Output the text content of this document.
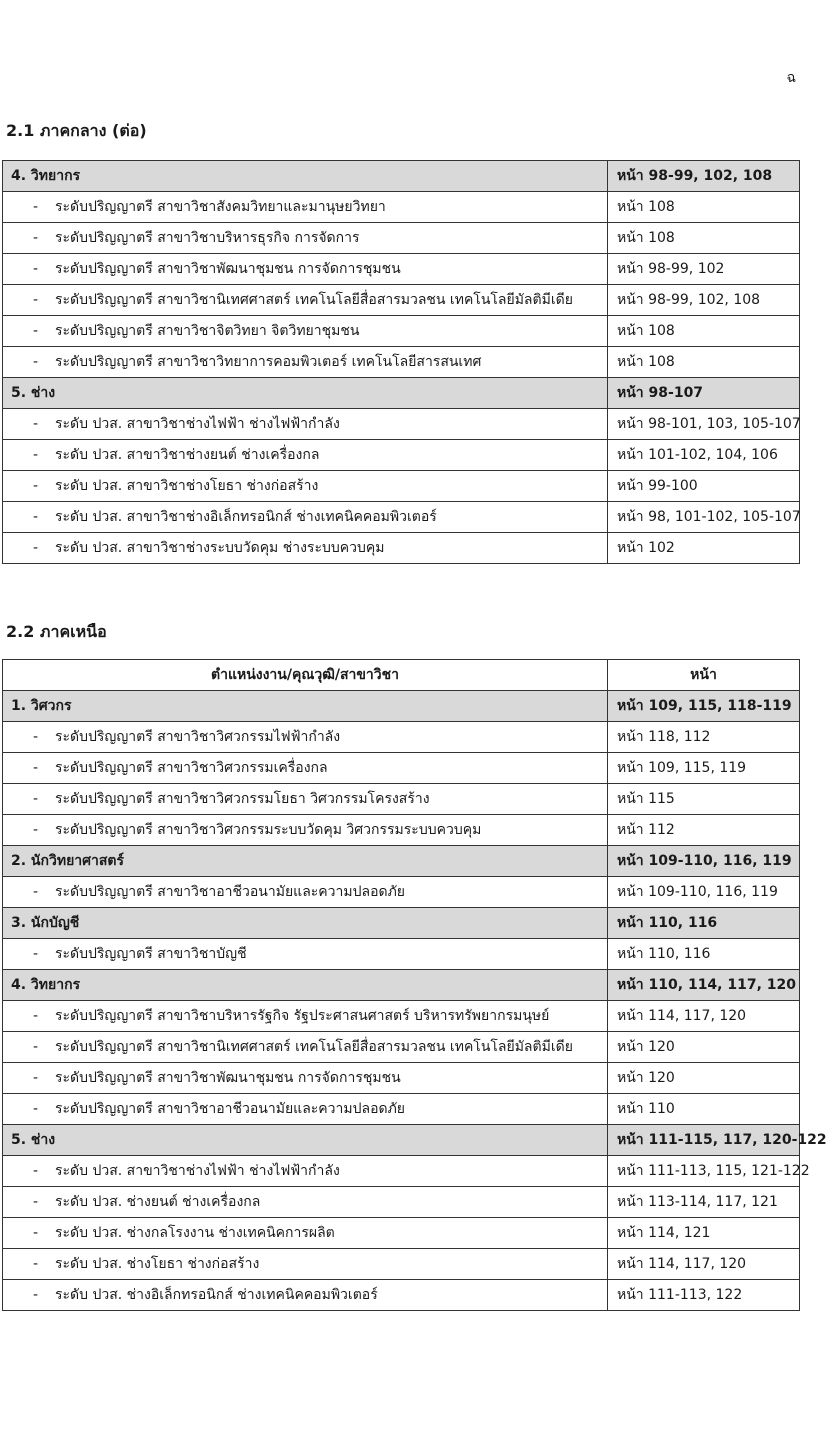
ฉ
2.1 ภาคกลาง (ต่อ)
4. วิทยากร	หน้า 98-99, 102, 108
- ระดับปริญญาตรี สาขาวิชาสังคมวิทยาและมานุษยวิทยา	หน้า 108
- ระดับปริญญาตรี สาขาวิชาบริหารธุรกิจ การจัดการ	หน้า 108
- ระดับปริญญาตรี สาขาวิชาพัฒนาชุมชน การจัดการชุมชน	หน้า 98-99, 102
- ระดับปริญญาตรี สาขาวิชานิเทศศาสตร์ เทคโนโลยีสื่อสารมวลชน เทคโนโลยีมัลติมีเดีย	หน้า 98-99, 102, 108
- ระดับปริญญาตรี สาขาวิชาจิตวิทยา จิตวิทยาชุมชน	หน้า 108
- ระดับปริญญาตรี สาขาวิชาวิทยาการคอมพิวเตอร์ เทคโนโลยีสารสนเทศ	หน้า 108
5. ช่าง	หน้า 98-107
- ระดับ ปวส. สาขาวิชาช่างไฟฟ้า ช่างไฟฟ้ากำลัง	หน้า 98-101, 103, 105-107
- ระดับ ปวส. สาขาวิชาช่างยนต์ ช่างเครื่องกล	หน้า 101-102, 104, 106
- ระดับ ปวส. สาขาวิชาช่างโยธา ช่างก่อสร้าง	หน้า 99-100
- ระดับ ปวส. สาขาวิชาช่างอิเล็กทรอนิกส์ ช่างเทคนิคคอมพิวเตอร์	หน้า 98, 101-102, 105-107
- ระดับ ปวส. สาขาวิชาช่างระบบวัดคุม ช่างระบบควบคุม	หน้า 102
2.2 ภาคเหนือ
ตำแหน่งงาน/คุณวุฒิ/สาขาวิชา	หน้า
1. วิศวกร	หน้า 109, 115, 118-119
- ระดับปริญญาตรี สาขาวิชาวิศวกรรมไฟฟ้ากำลัง	หน้า 118, 112
- ระดับปริญญาตรี สาขาวิชาวิศวกรรมเครื่องกล	หน้า 109, 115, 119
- ระดับปริญญาตรี สาขาวิชาวิศวกรรมโยธา วิศวกรรมโครงสร้าง	หน้า 115
- ระดับปริญญาตรี สาขาวิชาวิศวกรรมระบบวัดคุม วิศวกรรมระบบควบคุม	หน้า 112
2. นักวิทยาศาสตร์	หน้า 109-110, 116, 119
- ระดับปริญญาตรี สาขาวิชาอาชีวอนามัยและความปลอดภัย	หน้า 109-110, 116, 119
3. นักบัญชี	หน้า 110, 116
- ระดับปริญญาตรี สาขาวิชาบัญชี	หน้า 110, 116
4. วิทยากร	หน้า 110, 114, 117, 120
- ระดับปริญญาตรี สาขาวิชาบริหารรัฐกิจ รัฐประศาสนศาสตร์ บริหารทรัพยากรมนุษย์	หน้า 114, 117, 120
- ระดับปริญญาตรี สาขาวิชานิเทศศาสตร์ เทคโนโลยีสื่อสารมวลชน เทคโนโลยีมัลติมีเดีย	หน้า 120
- ระดับปริญญาตรี สาขาวิชาพัฒนาชุมชน การจัดการชุมชน	หน้า 120
- ระดับปริญญาตรี สาขาวิชาอาชีวอนามัยและความปลอดภัย	หน้า 110
5. ช่าง	หน้า 111-115, 117, 120-122
- ระดับ ปวส. สาขาวิชาช่างไฟฟ้า ช่างไฟฟ้ากำลัง	หน้า 111-113, 115, 121-122
- ระดับ ปวส. ช่างยนต์ ช่างเครื่องกล	หน้า 113-114, 117, 121
- ระดับ ปวส. ช่างกลโรงงาน ช่างเทคนิคการผลิต	หน้า 114, 121
- ระดับ ปวส. ช่างโยธา ช่างก่อสร้าง	หน้า 114, 117, 120
- ระดับ ปวส. ช่างอิเล็กทรอนิกส์ ช่างเทคนิคคอมพิวเตอร์	หน้า 111-113, 122
